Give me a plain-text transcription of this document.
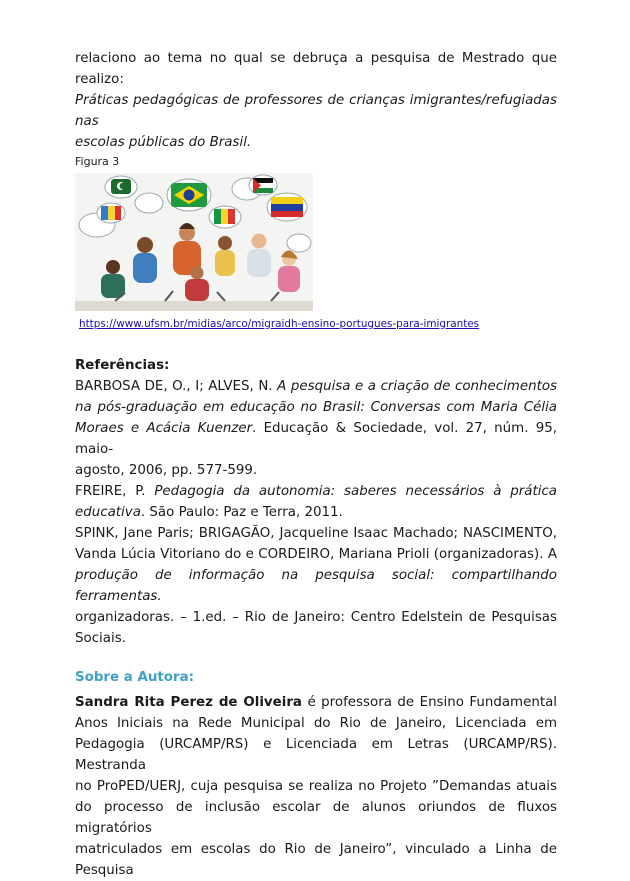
relaciono ao tema no qual se debruça a pesquisa de Mestrado que realizo:

Práticas pedagógicas de professores de crianças imigrantes/refugiadas nas

escolas públicas do Brasil.

Figura 3

https://www.ufsm.br/midias/arco/migraidh-ensino-portugues-para-imigrantes

Referências:

BARBOSA DE, O., I; ALVES, N. A pesquisa e a criação de conhecimentos

na pós-graduação em educação no Brasil: Conversas com Maria Célia

Moraes e Acácia Kuenzer. Educação & Sociedade, vol. 27, núm. 95, maio-

agosto, 2006, pp. 577-599.

FREIRE, P. Pedagogia da autonomia: saberes necessários à prática

educativa. São Paulo: Paz e Terra, 2011.

SPINK, Jane Paris; BRIGAGÃO, Jacqueline Isaac Machado; NASCIMENTO,

Vanda Lúcia Vitoriano do e CORDEIRO, Mariana Prioli (organizadoras). A

produção de informação na pesquisa social: compartilhando ferramentas.

organizadoras. – 1.ed. – Rio de Janeiro: Centro Edelstein de Pesquisas

Sociais.

Sobre a Autora:

Sandra Rita Perez de Oliveira é professora de Ensino Fundamental

Anos Iniciais na Rede Municipal do Rio de Janeiro, Licenciada em

Pedagogia (URCAMP/RS) e Licenciada em Letras (URCAMP/RS). Mestranda

no ProPED/UERJ, cuja pesquisa se realiza no Projeto ”Demandas atuais

do processo de inclusão escolar de alunos oriundos de fluxos migratórios

matriculados em escolas do Rio de Janeiro”, vinculado a Linha de Pesquisa
